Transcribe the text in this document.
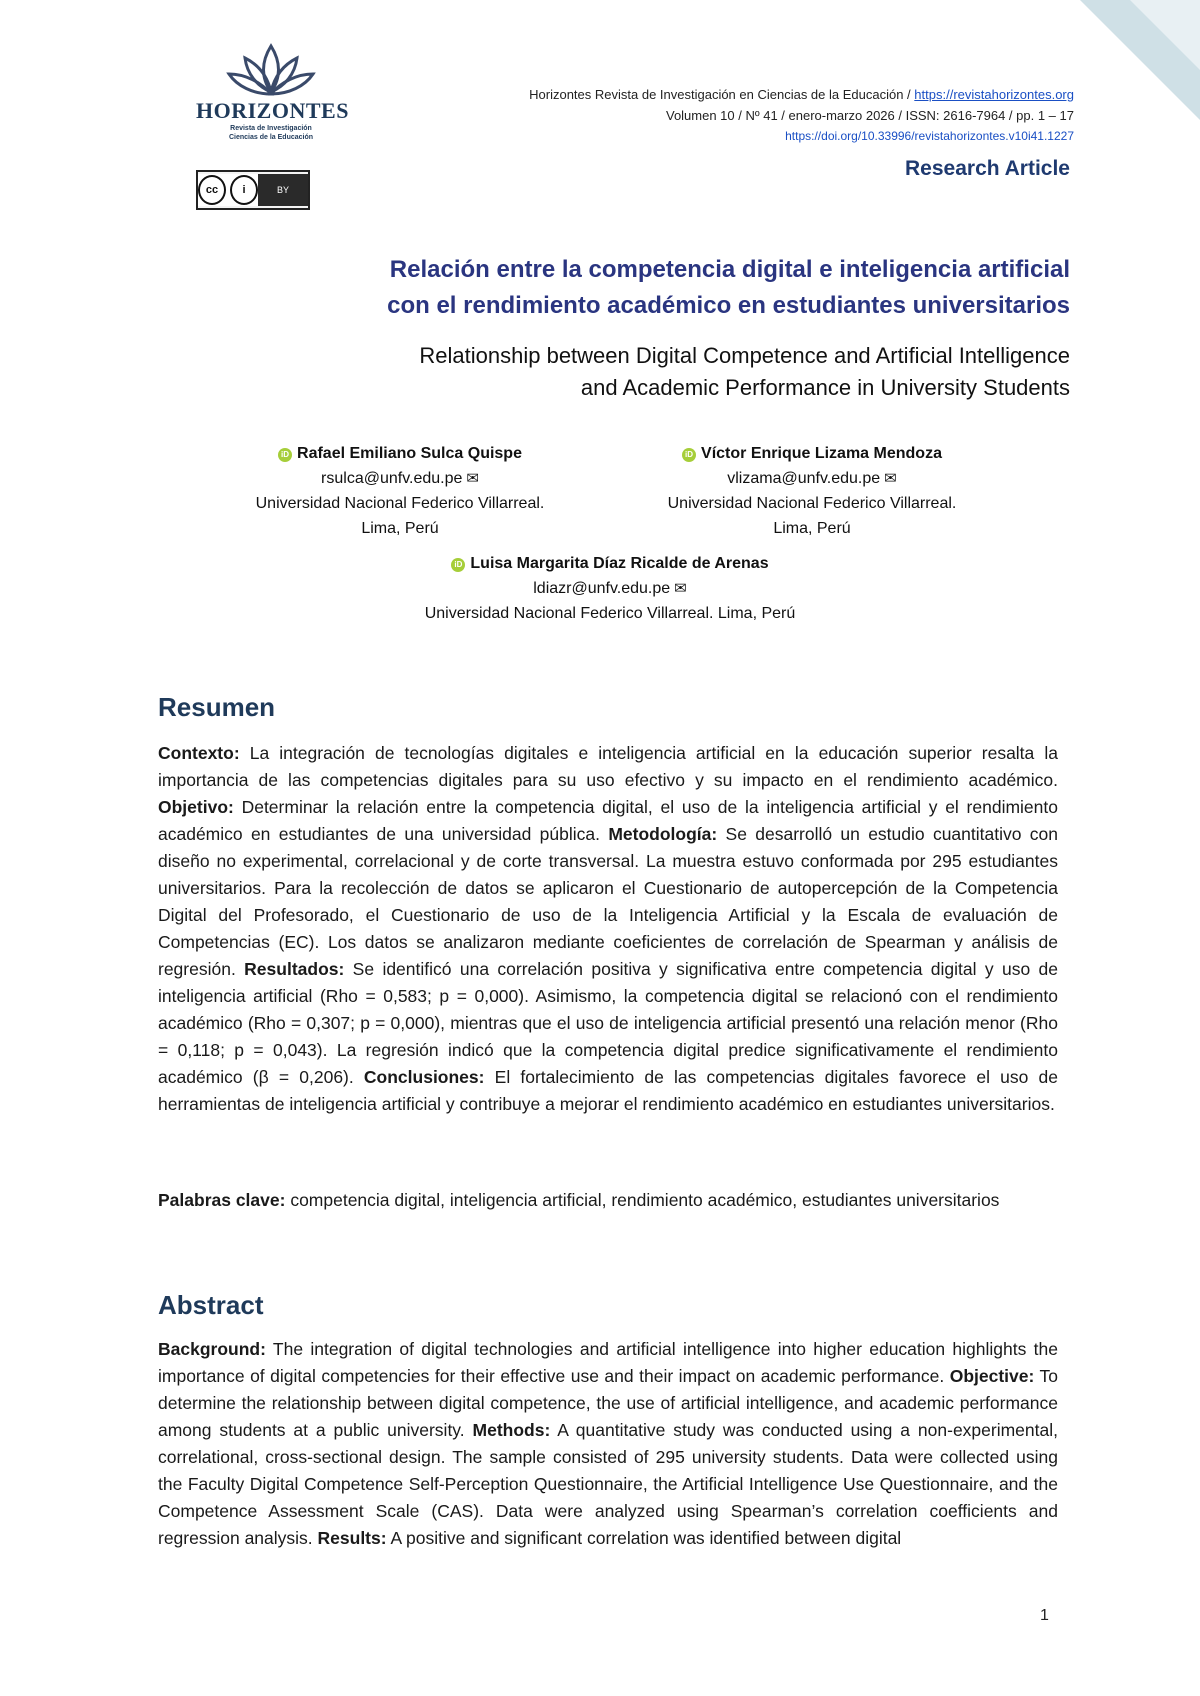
HORIZONTES
Revista de Investigación
Ciencias de la Educación
cc	i	BY
Horizontes Revista de Investigación en Ciencias de la Educación / https://revistahorizontes.org
Volumen 10 / Nº 41 / enero-marzo 2026 / ISSN: 2616-7964 / pp. 1 – 17
https://doi.org/10.33996/revistahorizontes.v10i41.1227
Research Article
Relación entre la competencia digital e inteligencia artificial
con el rendimiento académico en estudiantes universitarios
Relationship between Digital Competence and Artificial Intelligence
and Academic Performance in University Students
iD Rafael Emiliano Sulca Quispe
rsulca@unfv.edu.pe ✉
Universidad Nacional Federico Villarreal.
Lima, Perú
iD Víctor Enrique Lizama Mendoza
vlizama@unfv.edu.pe ✉
Universidad Nacional Federico Villarreal.
Lima, Perú
iD Luisa Margarita Díaz Ricalde de Arenas
ldiazr@unfv.edu.pe ✉
Universidad Nacional Federico Villarreal. Lima, Perú
Resumen
Contexto: La integración de tecnologías digitales e inteligencia artificial en la educación superior resalta la importancia de las competencias digitales para su uso efectivo y su impacto en el rendimiento académico. Objetivo: Determinar la relación entre la competencia digital, el uso de la inteligencia artificial y el rendimiento académico en estudiantes de una universidad pública. Metodología: Se desarrolló un estudio cuantitativo con diseño no experimental, correlacional y de corte transversal. La muestra estuvo conformada por 295 estudiantes universitarios. Para la recolección de datos se aplicaron el Cuestionario de autopercepción de la Competencia Digital del Profesorado, el Cuestionario de uso de la Inteligencia Artificial y la Escala de evaluación de Competencias (EC). Los datos se analizaron mediante coeficientes de correlación de Spearman y análisis de regresión. Resultados: Se identificó una correlación positiva y significativa entre competencia digital y uso de inteligencia artificial (Rho = 0,583; p = 0,000). Asimismo, la competencia digital se relacionó con el rendimiento académico (Rho = 0,307; p = 0,000), mientras que el uso de inteligencia artificial presentó una relación menor (Rho = 0,118; p = 0,043). La regresión indicó que la competencia digital predice significativamente el rendimiento académico (β = 0,206). Conclusiones: El fortalecimiento de las competencias digitales favorece el uso de herramientas de inteligencia artificial y contribuye a mejorar el rendimiento académico en estudiantes universitarios.
Palabras clave: competencia digital, inteligencia artificial, rendimiento académico, estudiantes universitarios
Abstract
Background: The integration of digital technologies and artificial intelligence into higher education highlights the importance of digital competencies for their effective use and their impact on academic performance. Objective: To determine the relationship between digital competence, the use of artificial intelligence, and academic performance among students at a public university. Methods: A quantitative study was conducted using a non-experimental, correlational, cross-sectional design. The sample consisted of 295 university students. Data were collected using the Faculty Digital Competence Self-Perception Questionnaire, the Artificial Intelligence Use Questionnaire, and the Competence Assessment Scale (CAS). Data were analyzed using Spearman’s correlation coefficients and regression analysis. Results: A positive and significant correlation was identified between digital
1
